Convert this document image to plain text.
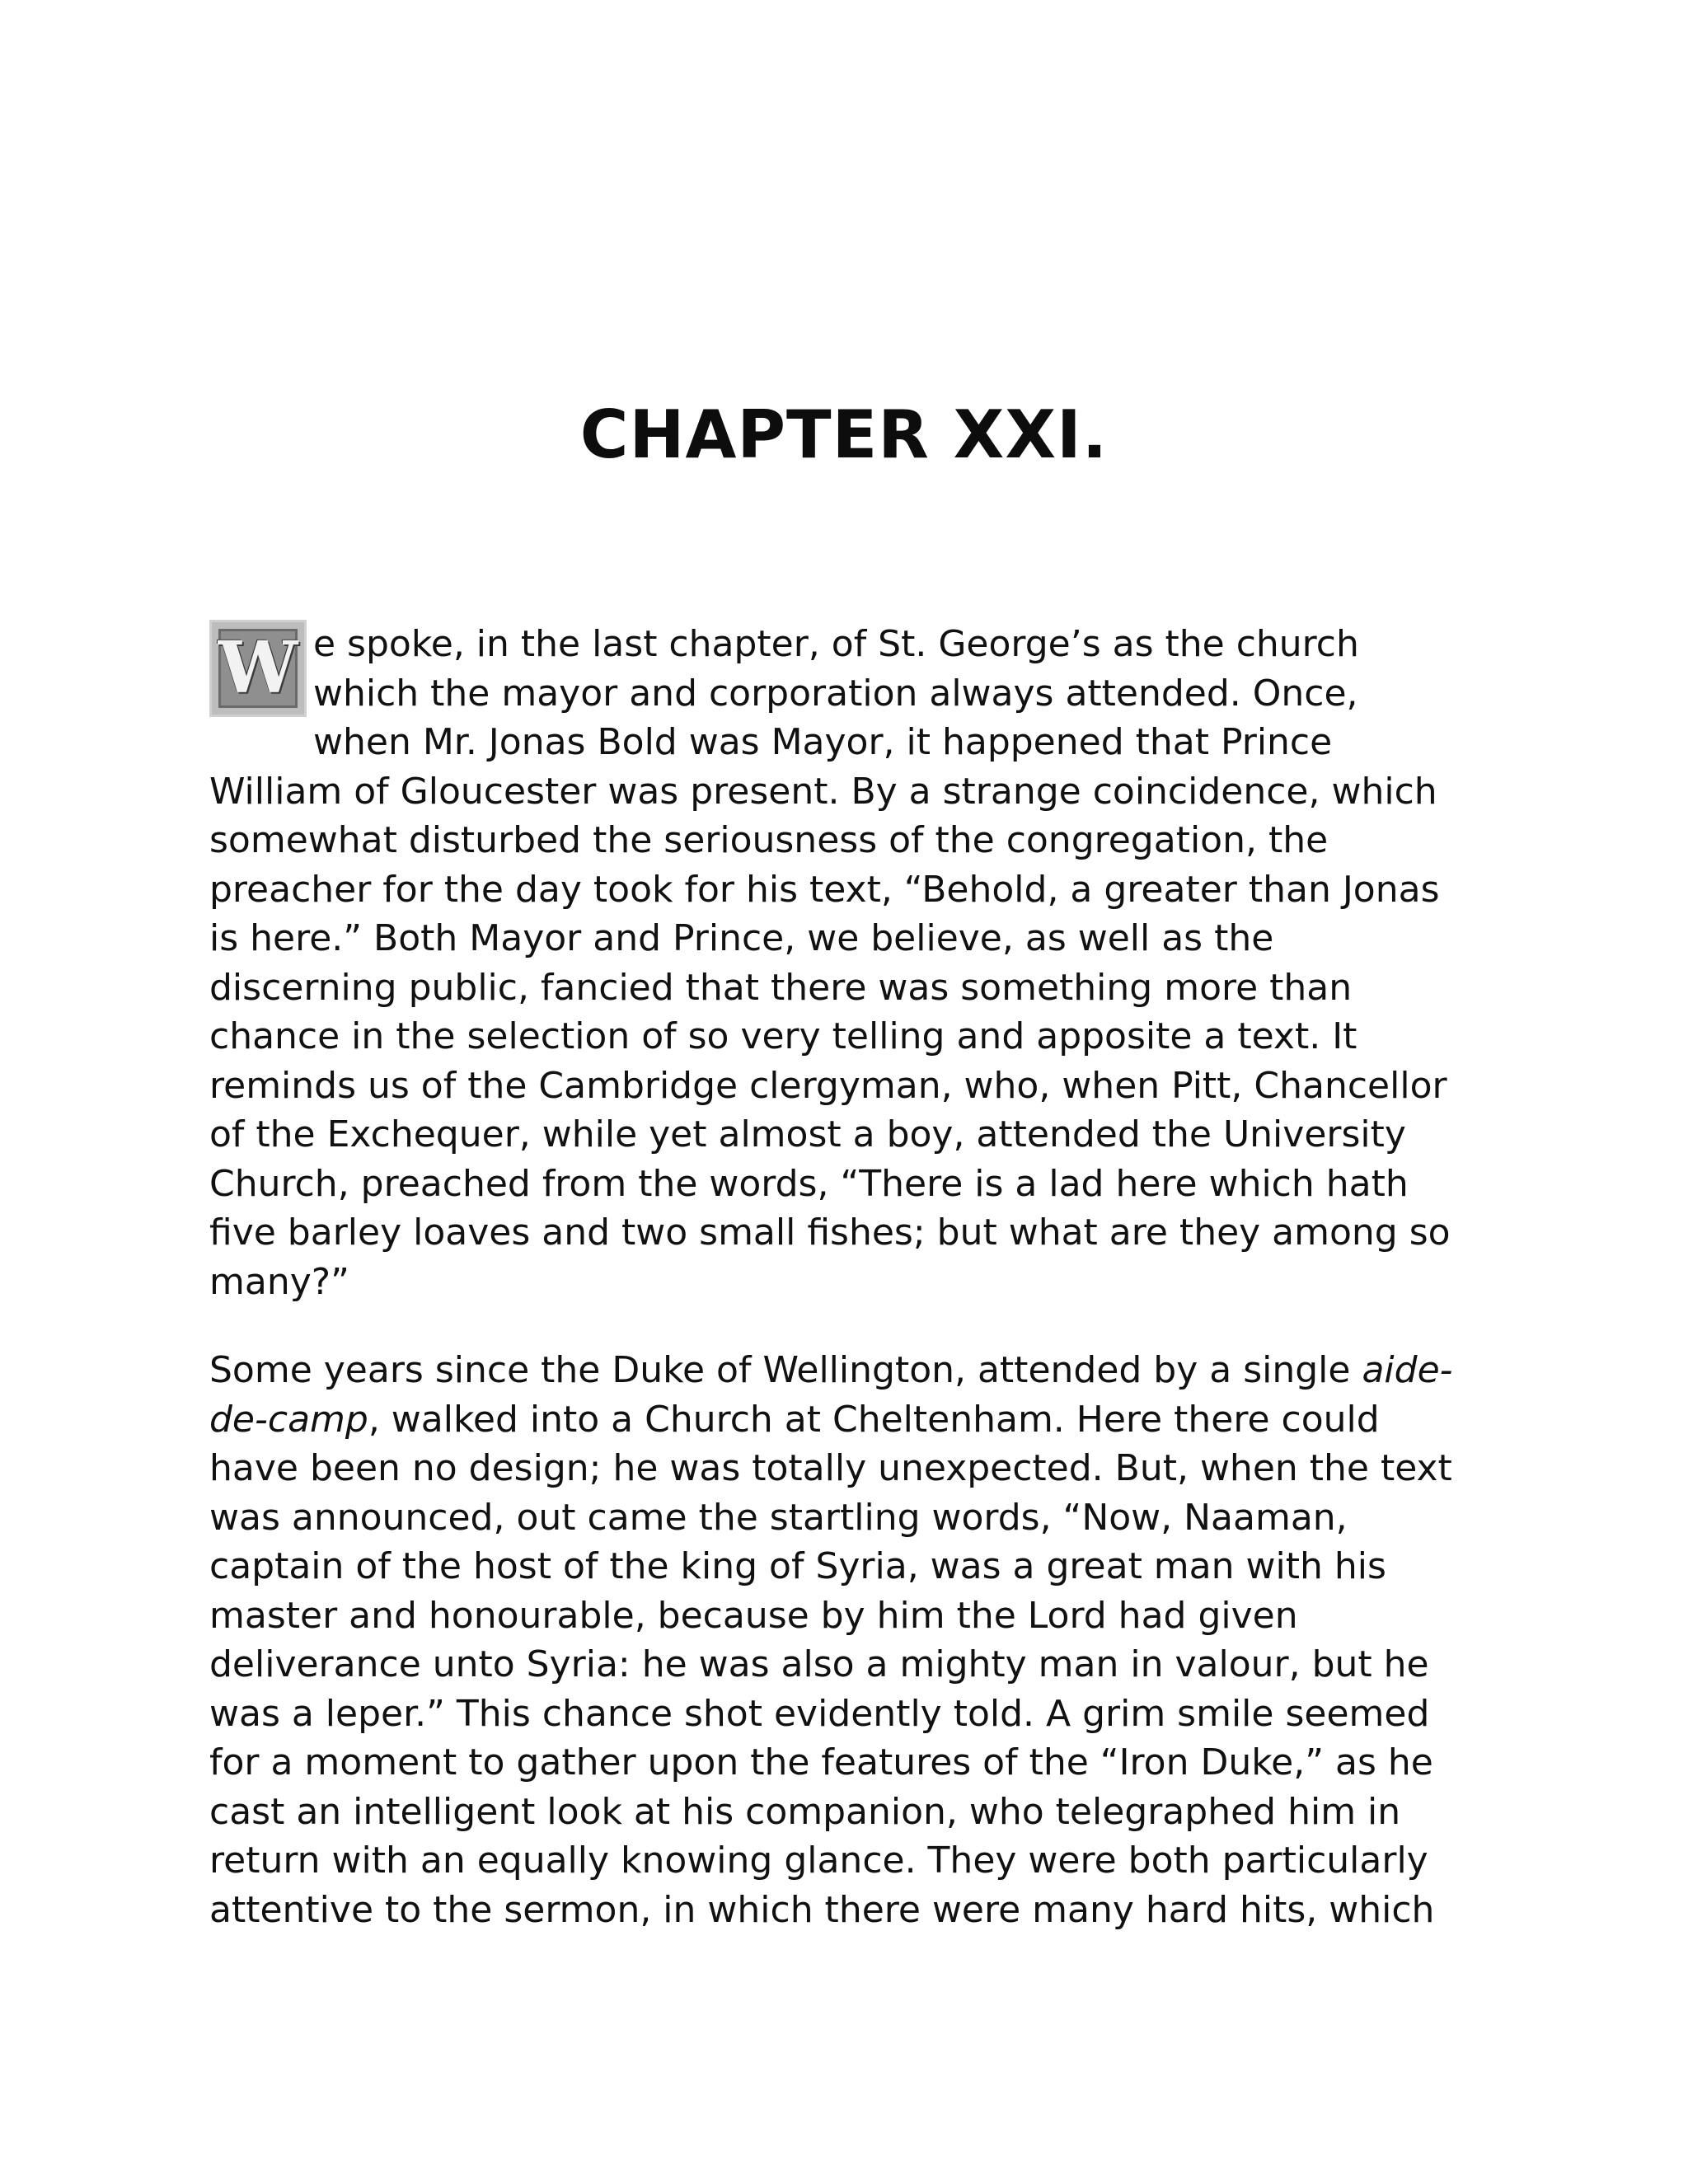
CHAPTER XXI.
W e spoke, in the last chapter, of St. George’s as the church
which the mayor and corporation always attended. Once,
when Mr. Jonas Bold was Mayor, it happened that Prince
William of Gloucester was present. By a strange coincidence, which
somewhat disturbed the seriousness of the congregation, the
preacher for the day took for his text, “Behold, a greater than Jonas
is here.” Both Mayor and Prince, we believe, as well as the
discerning public, fancied that there was something more than
chance in the selection of so very telling and apposite a text. It
reminds us of the Cambridge clergyman, who, when Pitt, Chancellor
of the Exchequer, while yet almost a boy, attended the University
Church, preached from the words, “There is a lad here which hath
five barley loaves and two small fishes; but what are they among so
many?”
Some years since the Duke of Wellington, attended by a single aide-
de-camp, walked into a Church at Cheltenham. Here there could
have been no design; he was totally unexpected. But, when the text
was announced, out came the startling words, “Now, Naaman,
captain of the host of the king of Syria, was a great man with his
master and honourable, because by him the Lord had given
deliverance unto Syria: he was also a mighty man in valour, but he
was a leper.” This chance shot evidently told. A grim smile seemed
for a moment to gather upon the features of the “Iron Duke,” as he
cast an intelligent look at his companion, who telegraphed him in
return with an equally knowing glance. They were both particularly
attentive to the sermon, in which there were many hard hits, which
